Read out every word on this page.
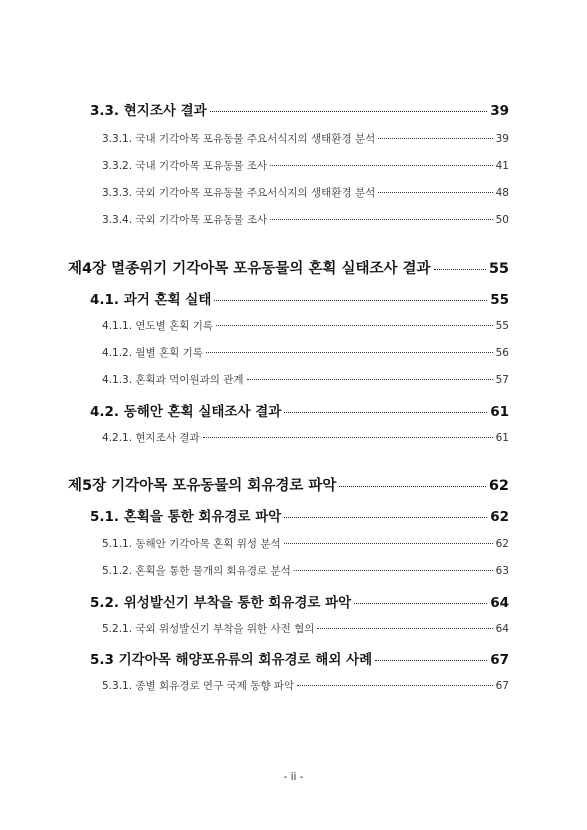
3.3. 현지조사 결과	39
3.3.1. 국내 기각아목 포유동물 주요서식지의 생태환경 분석	39
3.3.2. 국내 기각아목 포유동물 조사	41
3.3.3. 국외 기각아목 포유동물 주요서식지의 생태환경 분석	48
3.3.4. 국외 기각아목 포유동물 조사	50
제4장 멸종위기 기각아목 포유동물의 혼획 실태조사 결과	55
4.1. 과거 혼획 실태	55
4.1.1. 연도별 혼획 기록	55
4.1.2. 월별 혼획 기록	56
4.1.3. 혼획과 먹이원과의 관계	57
4.2. 동해안 혼획 실태조사 결과	61
4.2.1. 현지조사 결과	61
제5장 기각아목 포유동물의 회유경로 파악	62
5.1. 혼획을 통한 회유경로 파악	62
5.1.1. 동해안 기각아목 혼획 위성 분석	62
5.1.2. 혼획을 통한 물개의 회유경로 분석	63
5.2. 위성발신기 부착을 통한 회유경로 파악	64
5.2.1. 국외 위성발신기 부착을 위한 사전 협의	64
5.3 기각아목 해양포유류의 회유경로 해외 사례	67
5.3.1. 종별 회유경로 연구 국제 동향 파악	67
- ii -
